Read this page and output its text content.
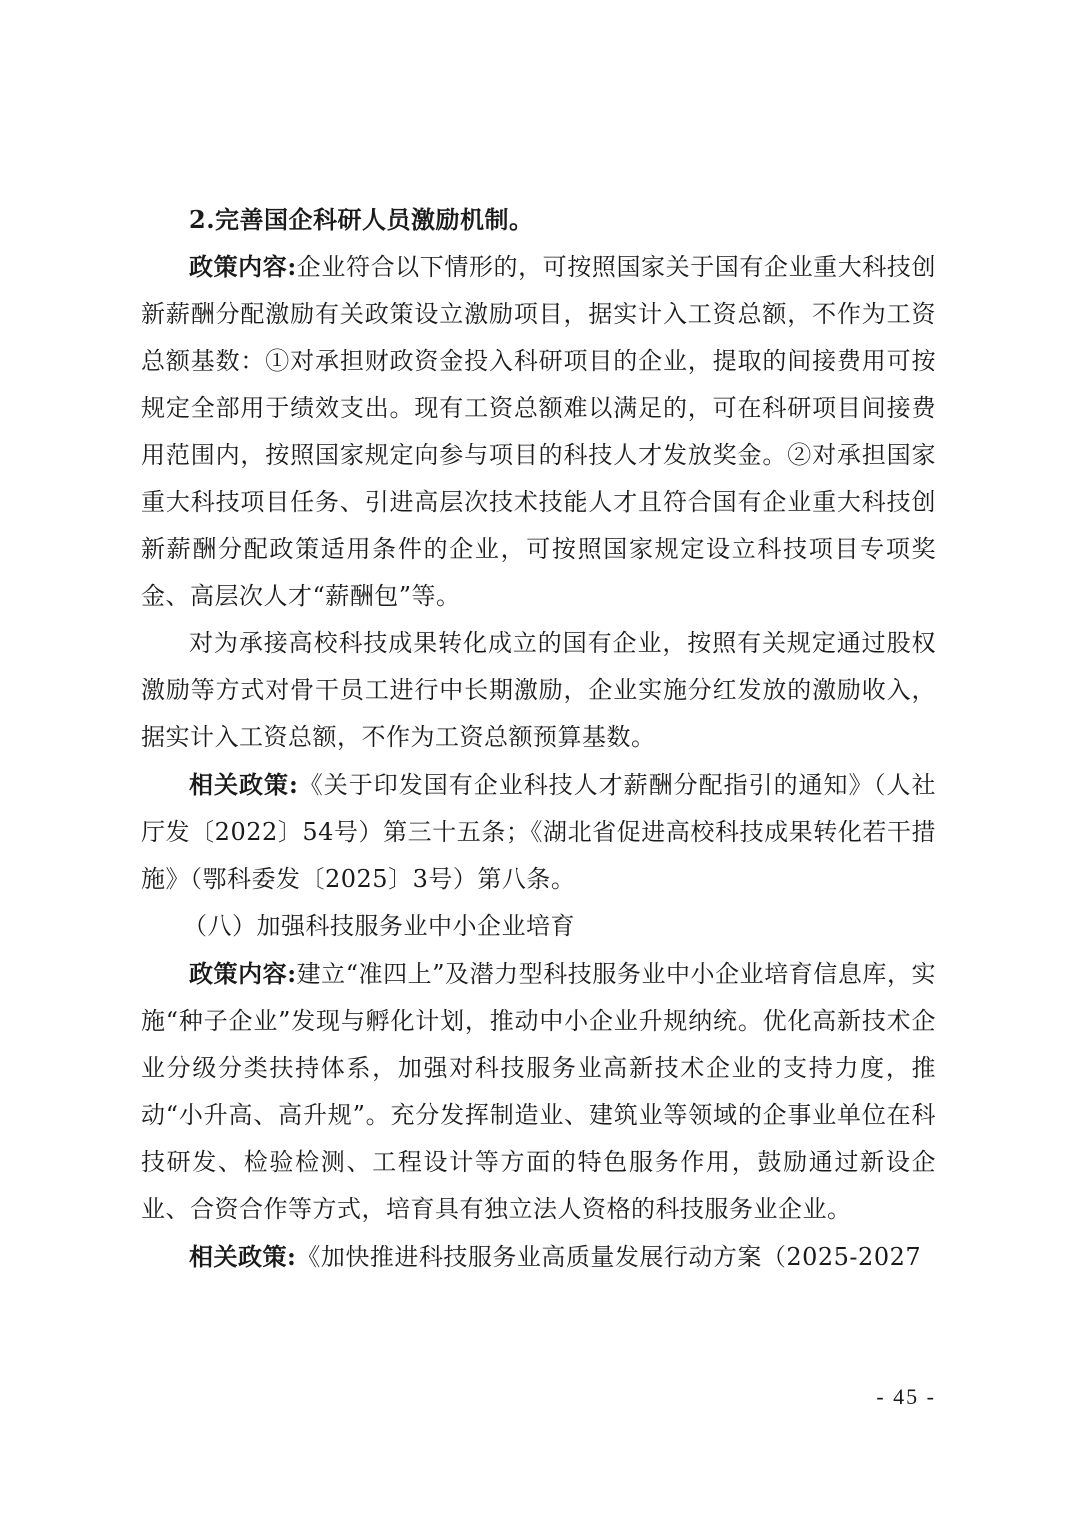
2.完善国企科研人员激励机制。

政策内容:企业符合以下情形的，可按照国家关于国有企业重大科技创新薪酬分配激励有关政策设立激励项目，据实计入工资总额，不作为工资总额基数：①对承担财政资金投入科研项目的企业，提取的间接费用可按规定全部用于绩效支出。现有工资总额难以满足的，可在科研项目间接费用范围内，按照国家规定向参与项目的科技人才发放奖金。②对承担国家重大科技项目任务、引进高层次技术技能人才且符合国有企业重大科技创新薪酬分配政策适用条件的企业，可按照国家规定设立科技项目专项奖金、高层次人才“薪酬包”等。

对为承接高校科技成果转化成立的国有企业，按照有关规定通过股权激励等方式对骨干员工进行中长期激励，企业实施分红发放的激励收入，据实计入工资总额，不作为工资总额预算基数。

相关政策:《关于印发国有企业科技人才薪酬分配指引的通知》（人社厅发〔2022〕54号）第三十五条；《湖北省促进高校科技成果转化若干措施》（鄂科委发〔2025〕3号）第八条。

（八）加强科技服务业中小企业培育

政策内容:建立“准四上”及潜力型科技服务业中小企业培育信息库，实施“种子企业”发现与孵化计划，推动中小企业升规纳统。优化高新技术企业分级分类扶持体系，加强对科技服务业高新技术企业的支持力度，推动“小升高、高升规”。充分发挥制造业、建筑业等领域的企事业单位在科技研发、检验检测、工程设计等方面的特色服务作用，鼓励通过新设企业、合资合作等方式，培育具有独立法人资格的科技服务业企业。

相关政策:《加快推进科技服务业高质量发展行动方案（2025-2027

- 45 -
